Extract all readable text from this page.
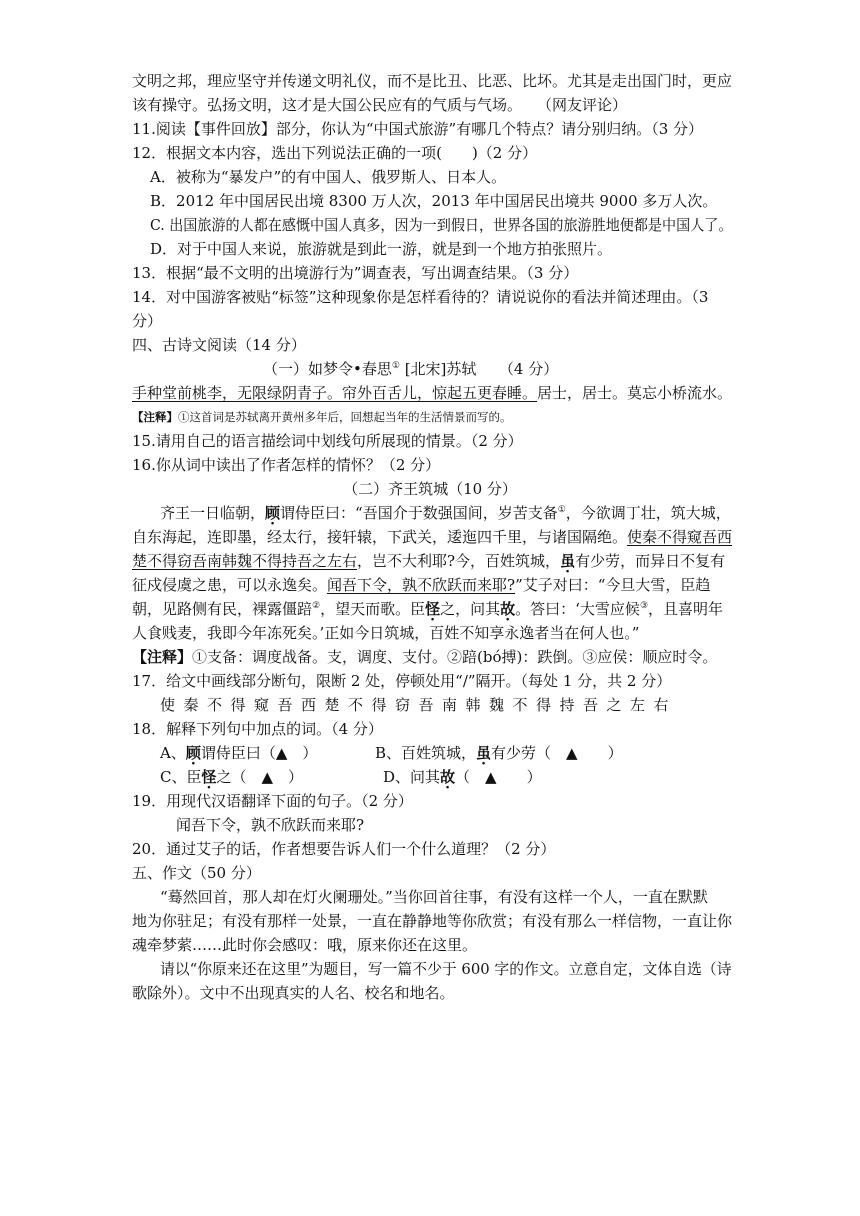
文明之邦，理应坚守并传递文明礼仪，而不是比丑、比恶、比坏。尤其是走出国门时，更应
该有操守。弘扬文明，这才是大国公民应有的气质与气场。　　（网友评论）
11.阅读【事件回放】部分，你认为“中国式旅游”有哪几个特点？请分别归纳。（3 分）
12．根据文本内容，选出下列说法正确的一项(　　)（2 分）
A．被称为“暴发户”的有中国人、俄罗斯人、日本人。
B．2012 年中国居民出境 8300 万人次，2013 年中国居民出境共 9000 多万人次。
C. 出国旅游的人都在感慨中国人真多，因为一到假日，世界各国的旅游胜地便都是中国人了。
D．对于中国人来说，旅游就是到此一游，就是到一个地方拍张照片。
13．根据“最不文明的出境游行为”调查表，写出调查结果。（3 分）
14．对中国游客被贴“标签”这种现象你是怎样看待的？请说说你的看法并简述理由。（3
分）
四、古诗文阅读（14 分）
（一）如梦令•春思① [北宋]苏轼　　（4 分）
手种堂前桃李，无限绿阴青子。帘外百舌儿，惊起五更春睡。居士，居士。莫忘小桥流水。
【注释】①这首词是苏轼离开黄州多年后，回想起当年的生活情景而写的。
15.请用自己的语言描绘词中划线句所展现的情景。（2 分）
16.你从词中读出了作者怎样的情怀？（2 分）
（二）齐王筑城（10 分）
齐王一日临朝，顾谓侍臣曰：“吾国介于数强国间，岁苦支备①，今欲调丁壮，筑大城，
自东海起，连即墨，经太行，接轩辕，下武关，逶迤四千里，与诸国隔绝。使秦不得窥吾西
楚不得窃吾南韩魏不得持吾之左右，岂不大利耶?今，百姓筑城，虽有少劳，而异日不复有
征戍侵虞之患，可以永逸矣。闻吾下令，孰不欣跃而来耶?”艾子对曰：“今旦大雪，臣趋
朝，见路侧有民，裸露僵踣②，望天而歌。臣怪之，问其故。答曰：‘大雪应候③，且喜明年
人食贱麦，我即今年冻死矣。’正如今日筑城，百姓不知享永逸者当在何人也。”
【注释】①支备：调度战备。支，调度、支付。②踣(bó搏)：跌倒。③应侯：顺应时令。
17．给文中画线部分断句，限断 2 处，停顿处用“/”隔开。（每处 1 分，共 2 分）
使秦不得窥吾西楚不得窃吾南韩魏不得持吾之左右
18．解释下列句中加点的词。（4 分）
A、顾谓侍臣曰（▲　）	B、百姓筑城，虽有少劳（　▲　　）
C、臣怪之（　▲　）	D、问其故（　▲　　）
19．用现代汉语翻译下面的句子。（2 分）
闻吾下令，孰不欣跃而来耶?
20．通过艾子的话，作者想要告诉人们一个什么道理？（2 分）
五、作文（50 分）
“蓦然回首，那人却在灯火阑珊处。”当你回首往事，有没有这样一个人，一直在默默
地为你驻足；有没有那样一处景，一直在静静地等你欣赏；有没有那么一样信物，一直让你
魂牵梦萦……此时你会感叹：哦，原来你还在这里。
请以“你原来还在这里”为题目，写一篇不少于 600 字的作文。立意自定，文体自选（诗
歌除外）。文中不出现真实的人名、校名和地名。
